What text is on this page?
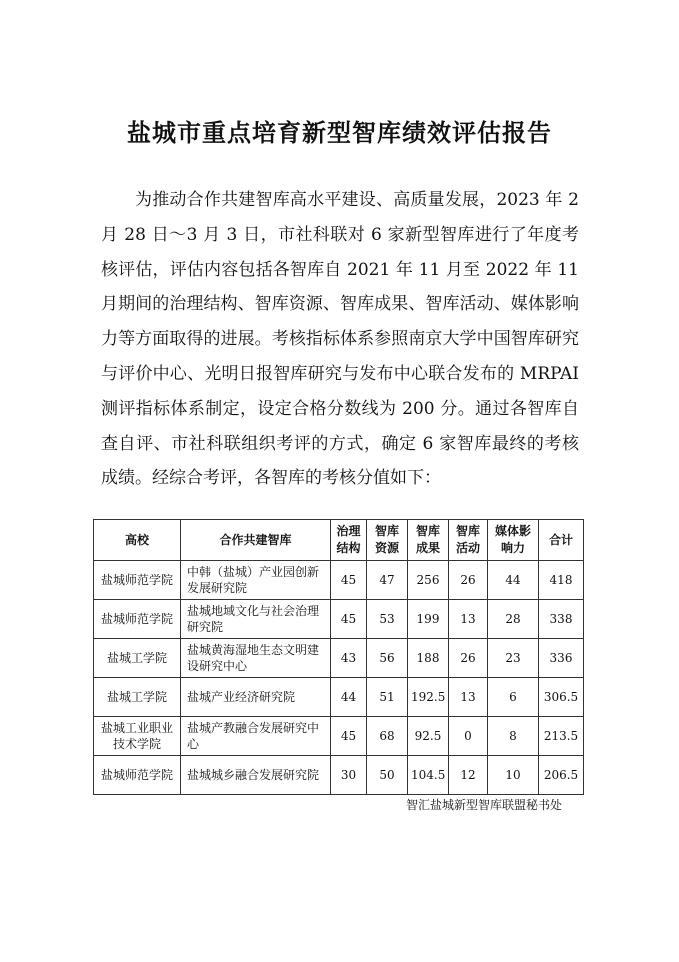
盐城市重点培育新型智库绩效评估报告

为推动合作共建智库高水平建设、高质量发展，2023 年 2 月 28 日～3 月 3 日，市社科联对 6 家新型智库进行了年度考核评估，评估内容包括各智库自 2021 年 11 月至 2022 年 11 月期间的治理结构、智库资源、智库成果、智库活动、媒体影响力等方面取得的进展。考核指标体系参照南京大学中国智库研究与评价中心、光明日报智库研究与发布中心联合发布的 MRPAI 测评指标体系制定，设定合格分数线为 200 分。通过各智库自查自评、市社科联组织考评的方式，确定 6 家智库最终的考核成绩。经综合考评，各智库的考核分值如下：

高校	合作共建智库	治理结构	智库资源	智库成果	智库活动	媒体影响力	合计
盐城师范学院	中韩（盐城）产业园创新发展研究院	45	47	256	26	44	418
盐城师范学院	盐城地域文化与社会治理研究院	45	53	199	13	28	338
盐城工学院	盐城黄海湿地生态文明建设研究中心	43	56	188	26	23	336
盐城工学院	盐城产业经济研究院	44	51	192.5	13	6	306.5
盐城工业职业技术学院	盐城产教融合发展研究中心	45	68	92.5	0	8	213.5
盐城师范学院	盐城城乡融合发展研究院	30	50	104.5	12	10	206.5

智汇盐城新型智库联盟秘书处
